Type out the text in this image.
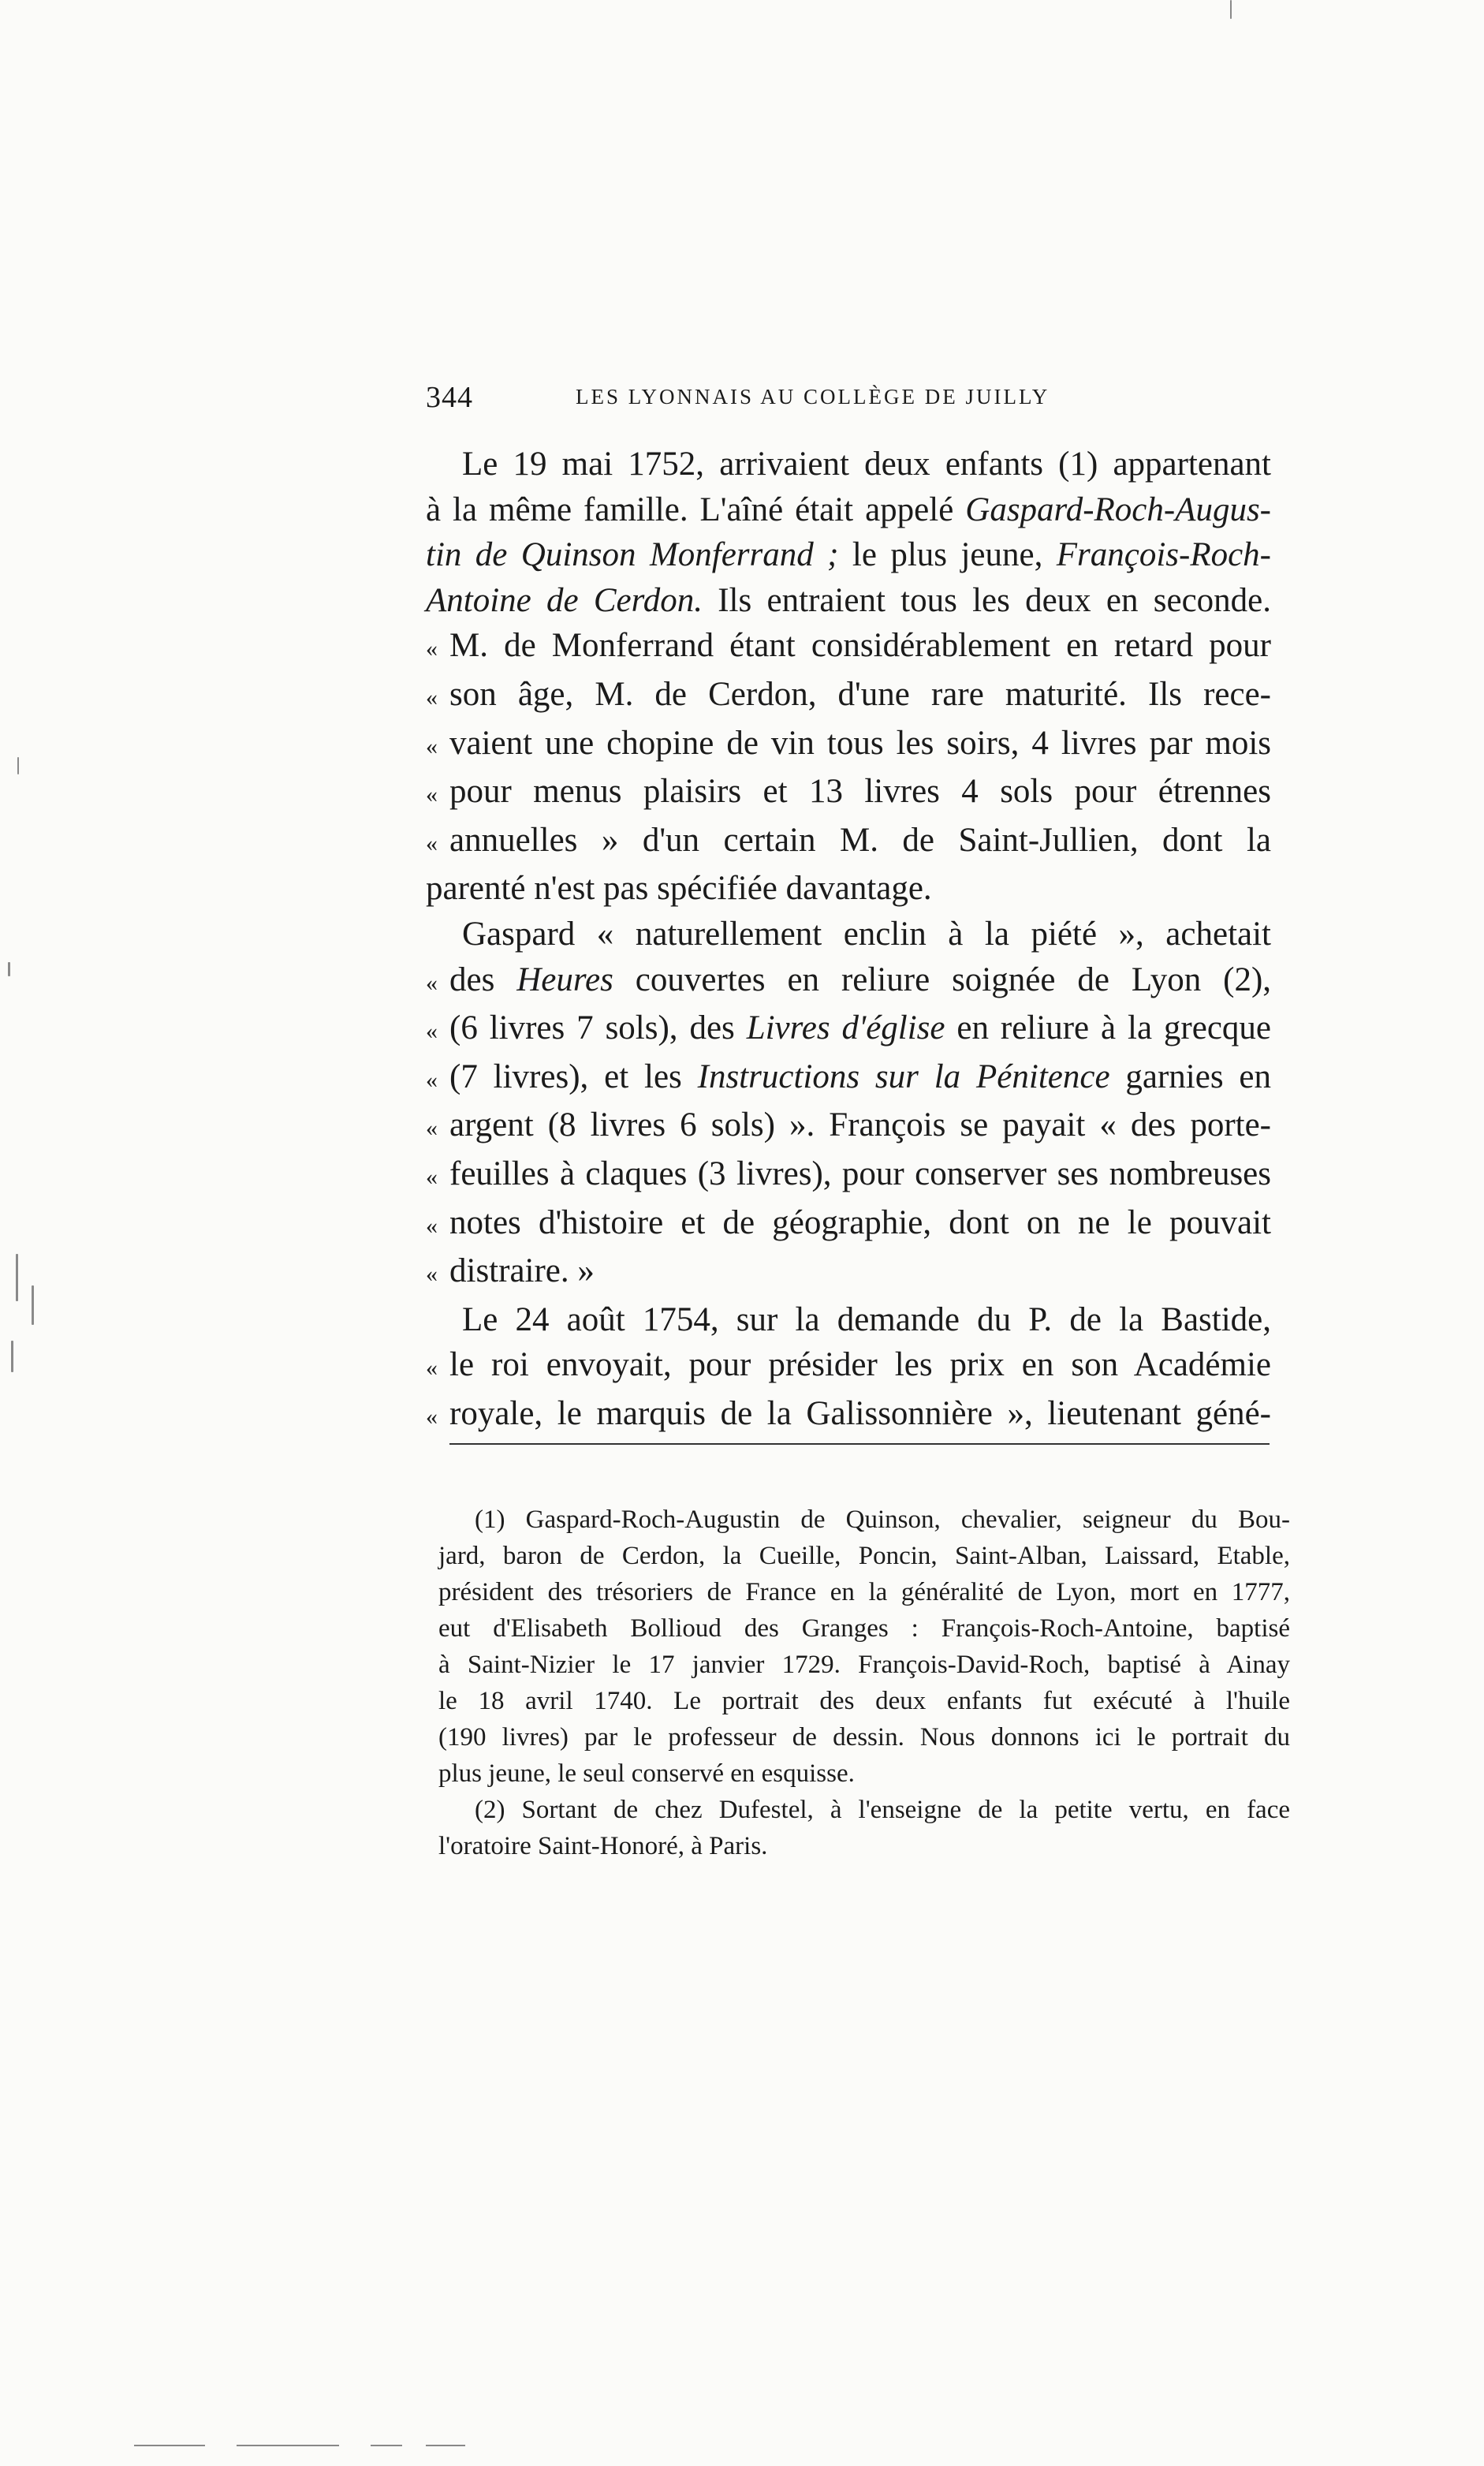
344	LES LYONNAIS AU COLLÈGE DE JUILLY
Le 19 mai 1752, arrivaient deux enfants (1) appartenant
à la même famille. L'aîné était appelé Gaspard-Roch-Augus-
tin de Quinson Monferrand ; le plus jeune, François-Roch-
Antoine de Cerdon. Ils entraient tous les deux en seconde.
« M. de Monferrand étant considérablement en retard pour
« son âge, M. de Cerdon, d'une rare maturité. Ils rece-
« vaient une chopine de vin tous les soirs, 4 livres par mois
« pour menus plaisirs et 13 livres 4 sols pour étrennes
« annuelles » d'un certain M. de Saint-Jullien, dont la
parenté n'est pas spécifiée davantage.
Gaspard « naturellement enclin à la piété », achetait
« des Heures couvertes en reliure soignée de Lyon (2),
« (6 livres 7 sols), des Livres d'église en reliure à la grecque
« (7 livres), et les Instructions sur la Pénitence garnies en
« argent (8 livres 6 sols) ». François se payait « des porte-
« feuilles à claques (3 livres), pour conserver ses nombreuses
« notes d'histoire et de géographie, dont on ne le pouvait
« distraire. »
Le 24 août 1754, sur la demande du P. de la Bastide,
« le roi envoyait, pour présider les prix en son Académie
« royale, le marquis de la Galissonnière », lieutenant géné-
(1) Gaspard-Roch-Augustin de Quinson, chevalier, seigneur du Bou-
jard, baron de Cerdon, la Cueille, Poncin, Saint-Alban, Laissard, Etable,
président des trésoriers de France en la généralité de Lyon, mort en 1777,
eut d'Elisabeth Bollioud des Granges : François-Roch-Antoine, baptisé
à Saint-Nizier le 17 janvier 1729. François-David-Roch, baptisé à Ainay
le 18 avril 1740. Le portrait des deux enfants fut exécuté à l'huile
(190 livres) par le professeur de dessin. Nous donnons ici le portrait du
plus jeune, le seul conservé en esquisse.
(2) Sortant de chez Dufestel, à l'enseigne de la petite vertu, en face
l'oratoire Saint-Honoré, à Paris.
